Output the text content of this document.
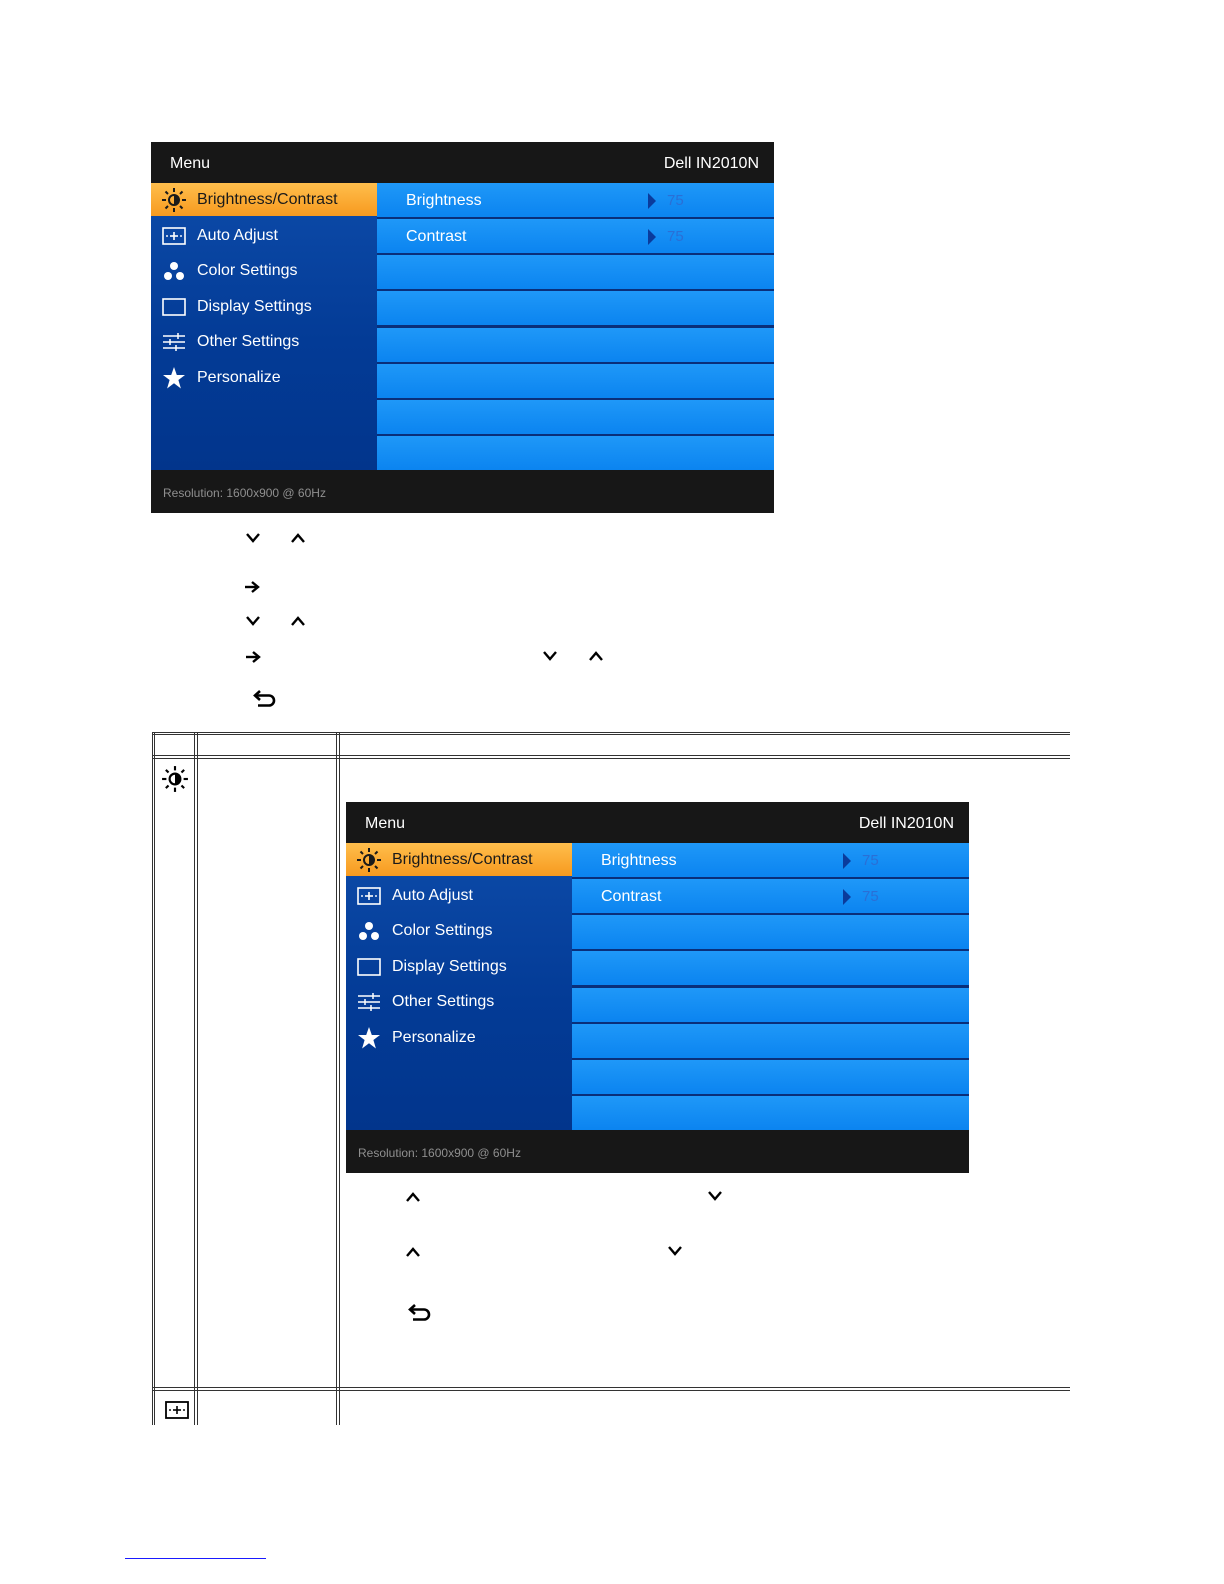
Menu	Dell IN2010N
Brightness/Contrast
Auto Adjust
Color Settings
Display Settings
Other Settings
Personalize
Brightness	75
Contrast	75
Resolution: 1600x900 @ 60Hz
Menu	Dell IN2010N
Brightness/Contrast
Auto Adjust
Color Settings
Display Settings
Other Settings
Personalize
Brightness	75
Contrast	75
Resolution: 1600x900 @ 60Hz
